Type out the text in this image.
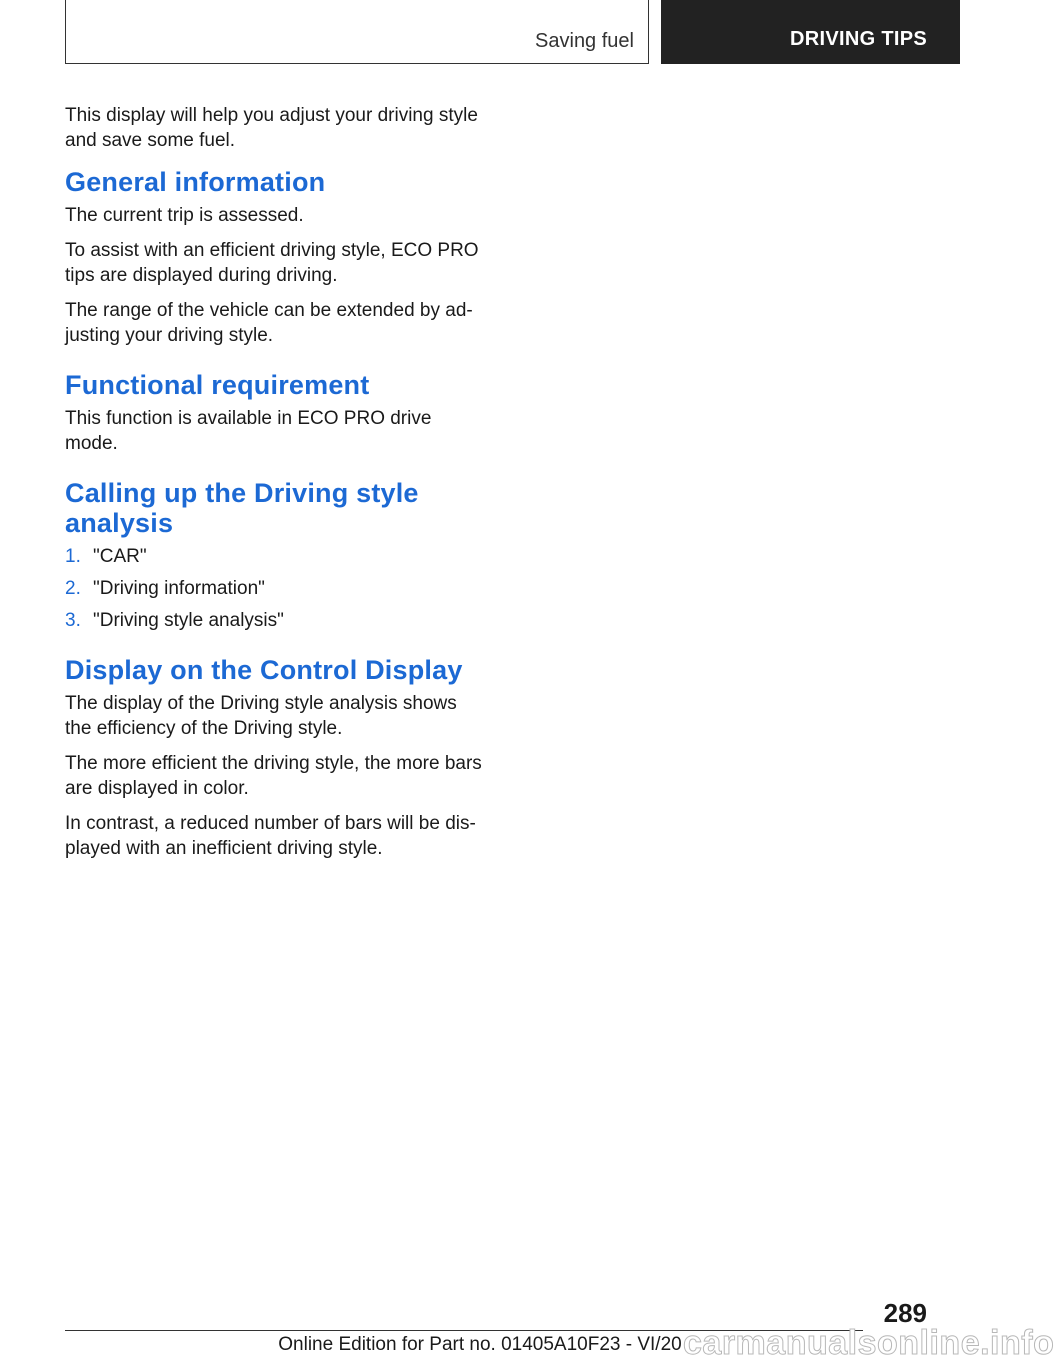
Saving fuel	DRIVING TIPS

This display will help you adjust your driving style and save some fuel.

General information

The current trip is assessed.

To assist with an efficient driving style, ECO PRO tips are displayed during driving.

The range of the vehicle can be extended by ad-justing your driving style.

Functional requirement

This function is available in ECO PRO drive mode.

Calling up the Driving style analysis
1. "CAR"
2. "Driving information"
3. "Driving style analysis"
Display on the Control Display

The display of the Driving style analysis shows the efficiency of the Driving style.

The more efficient the driving style, the more bars are displayed in color.

In contrast, a reduced number of bars will be dis-played with an inefficient driving style.

289
Online Edition for Part no. 01405A10F23 - VI/20 carmanualsonline.info
